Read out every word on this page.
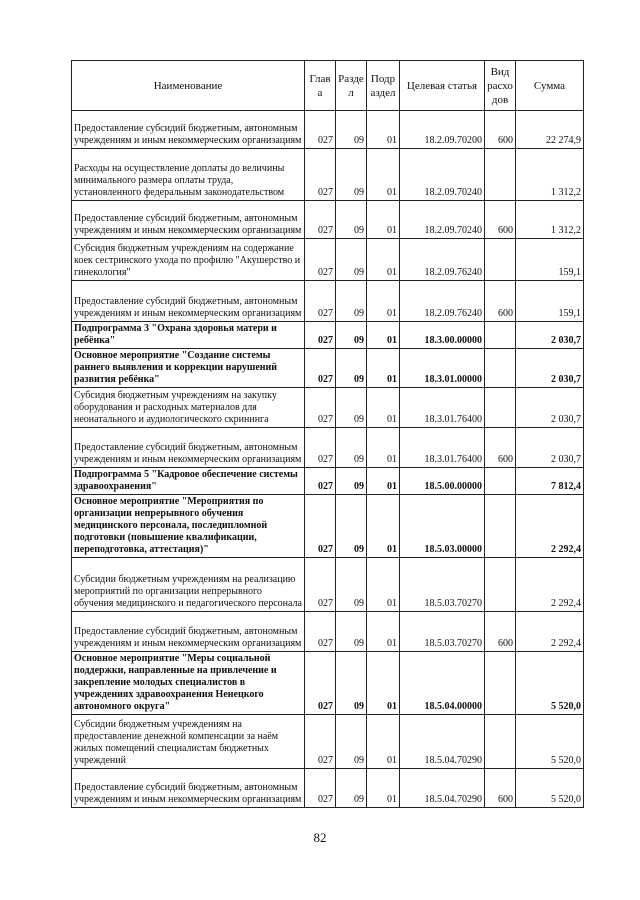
Наименование	Глав а	Разде л	Подр аздел	Целевая статья	Вид расхо дов	Сумма
Предоставление субсидий бюджетным, автономным учреждениям и иным некоммерческим организациям	027	09	01	18.2.09.70200	600	22 274,9
Расходы на осуществление доплаты до величины минимального размера оплаты труда, установленного федеральным законодательством	027	09	01	18.2.09.70240		1 312,2
Предоставление субсидий бюджетным, автономным учреждениям и иным некоммерческим организациям	027	09	01	18.2.09.70240	600	1 312,2
Субсидия бюджетным учреждениям на содержание коек сестринского ухода по профилю "Акушерство и гинекология"	027	09	01	18.2.09.76240		159,1
Предоставление субсидий бюджетным, автономным учреждениям и иным некоммерческим организациям	027	09	01	18.2.09.76240	600	159,1
Подпрограмма 3 "Охрана здоровья матери и ребёнка"	027	09	01	18.3.00.00000		2 030,7
Основное мероприятие "Создание системы раннего выявления и коррекции нарушений развития ребёнка"	027	09	01	18.3.01.00000		2 030,7
Субсидия бюджетным учреждениям на закупку оборудования и расходных материалов для неонатального и аудиологического скрининга	027	09	01	18.3.01.76400		2 030,7
Предоставление субсидий бюджетным, автономным учреждениям и иным некоммерческим организациям	027	09	01	18.3.01.76400	600	2 030,7
Подпрограмма 5 "Кадровое обеспечение системы здравоохранения"	027	09	01	18.5.00.00000		7 812,4
Основное мероприятие "Мероприятия по организации непрерывного обучения медицинского персонала, последипломной подготовки (повышение квалификации, переподготовка, аттестация)"	027	09	01	18.5.03.00000		2 292,4
Субсидии бюджетным учреждениям на реализацию мероприятий по организации непрерывного обучения медицинского и педагогического персонала	027	09	01	18.5.03.70270		2 292,4
Предоставление субсидий бюджетным, автономным учреждениям и иным некоммерческим организациям	027	09	01	18.5.03.70270	600	2 292,4
Основное мероприятие "Меры социальной поддержки, направленные на привлечение и закрепление молодых специалистов в учреждениях здравоохранения Ненецкого автономного округа"	027	09	01	18.5.04.00000		5 520,0
Субсидии бюджетным учреждениям на предоставление денежной компенсации за наём жилых помещений специалистам бюджетных учреждений	027	09	01	18.5.04.70290		5 520,0
Предоставление субсидий бюджетным, автономным учреждениям и иным некоммерческим организациям	027	09	01	18.5.04.70290	600	5 520,0
82
